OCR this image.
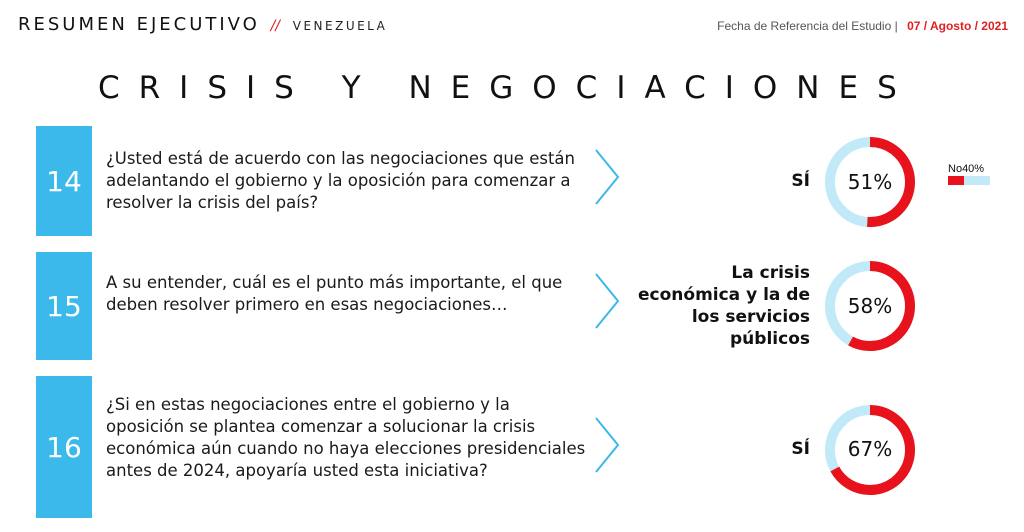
RESUMEN EJECUTIVO // VENEZUELA	Fecha de Referencia del Estudio | 07 / Agosto / 2021
CRISIS Y NEGOCIACIONES
14
¿Usted está de acuerdo con las negociaciones que están adelantando el gobierno y la oposición para comenzar a resolver la crisis del país?
SÍ	51%
No40%
15
A su entender, cuál es el punto más importante, el que deben resolver primero en esas negociaciones…
La crisis
económica y la de
los servicios
públicos
58%
16
¿Si en estas negociaciones entre el gobierno y la oposición se plantea comenzar a solucionar la crisis económica aún cuando no haya elecciones presidenciales antes de 2024, apoyaría usted esta iniciativa?
SÍ	67%
